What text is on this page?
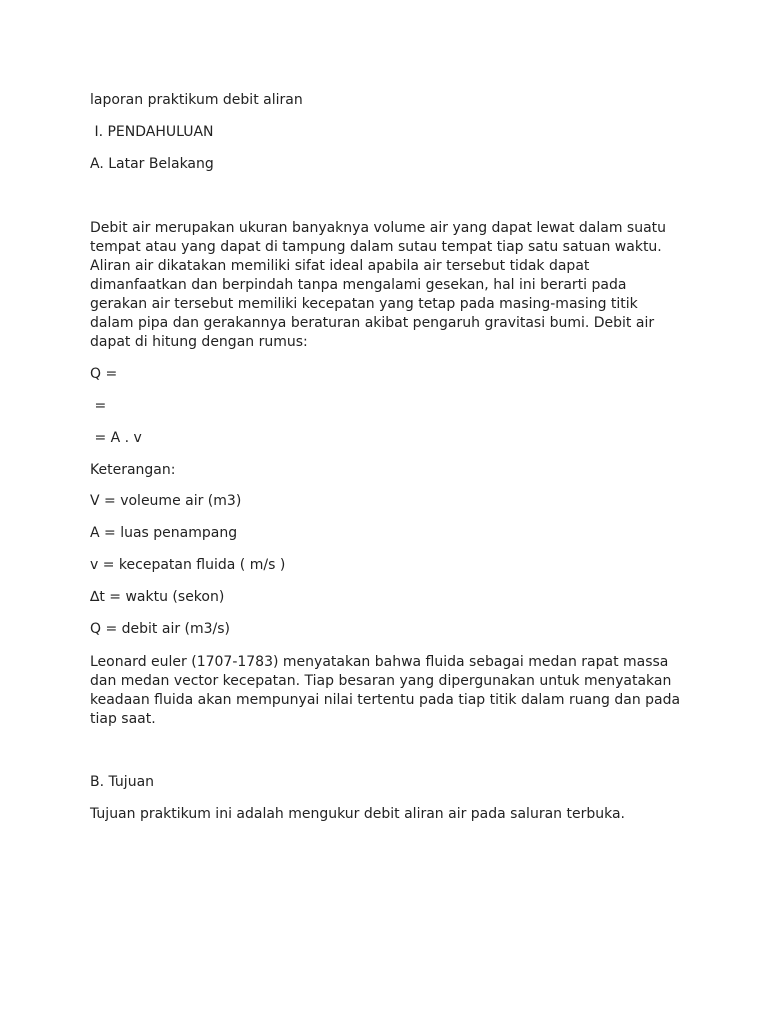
laporan praktikum debit aliran

I. PENDAHULUAN

A. Latar Belakang

Debit air merupakan ukuran banyaknya volume air yang dapat lewat dalam suatu
tempat atau yang dapat di tampung dalam sutau tempat tiap satu satuan waktu.
Aliran air dikatakan memiliki sifat ideal apabila air tersebut tidak dapat
dimanfaatkan dan berpindah tanpa mengalami gesekan, hal ini berarti pada
gerakan air tersebut memiliki kecepatan yang tetap pada masing-masing titik
dalam pipa dan gerakannya beraturan akibat pengaruh gravitasi bumi. Debit air
dapat di hitung dengan rumus:

Q =

=

= A . v

Keterangan:

V = voleume air (m3)

A = luas penampang

v = kecepatan fluida ( m/s )

∆t = waktu (sekon)

Q = debit air (m3/s)

Leonard euler (1707-1783) menyatakan bahwa fluida sebagai medan rapat massa
dan medan vector kecepatan. Tiap besaran yang dipergunakan untuk menyatakan
keadaan fluida akan mempunyai nilai tertentu pada tiap titik dalam ruang dan pada
tiap saat.

B. Tujuan

Tujuan praktikum ini adalah mengukur debit aliran air pada saluran terbuka.
